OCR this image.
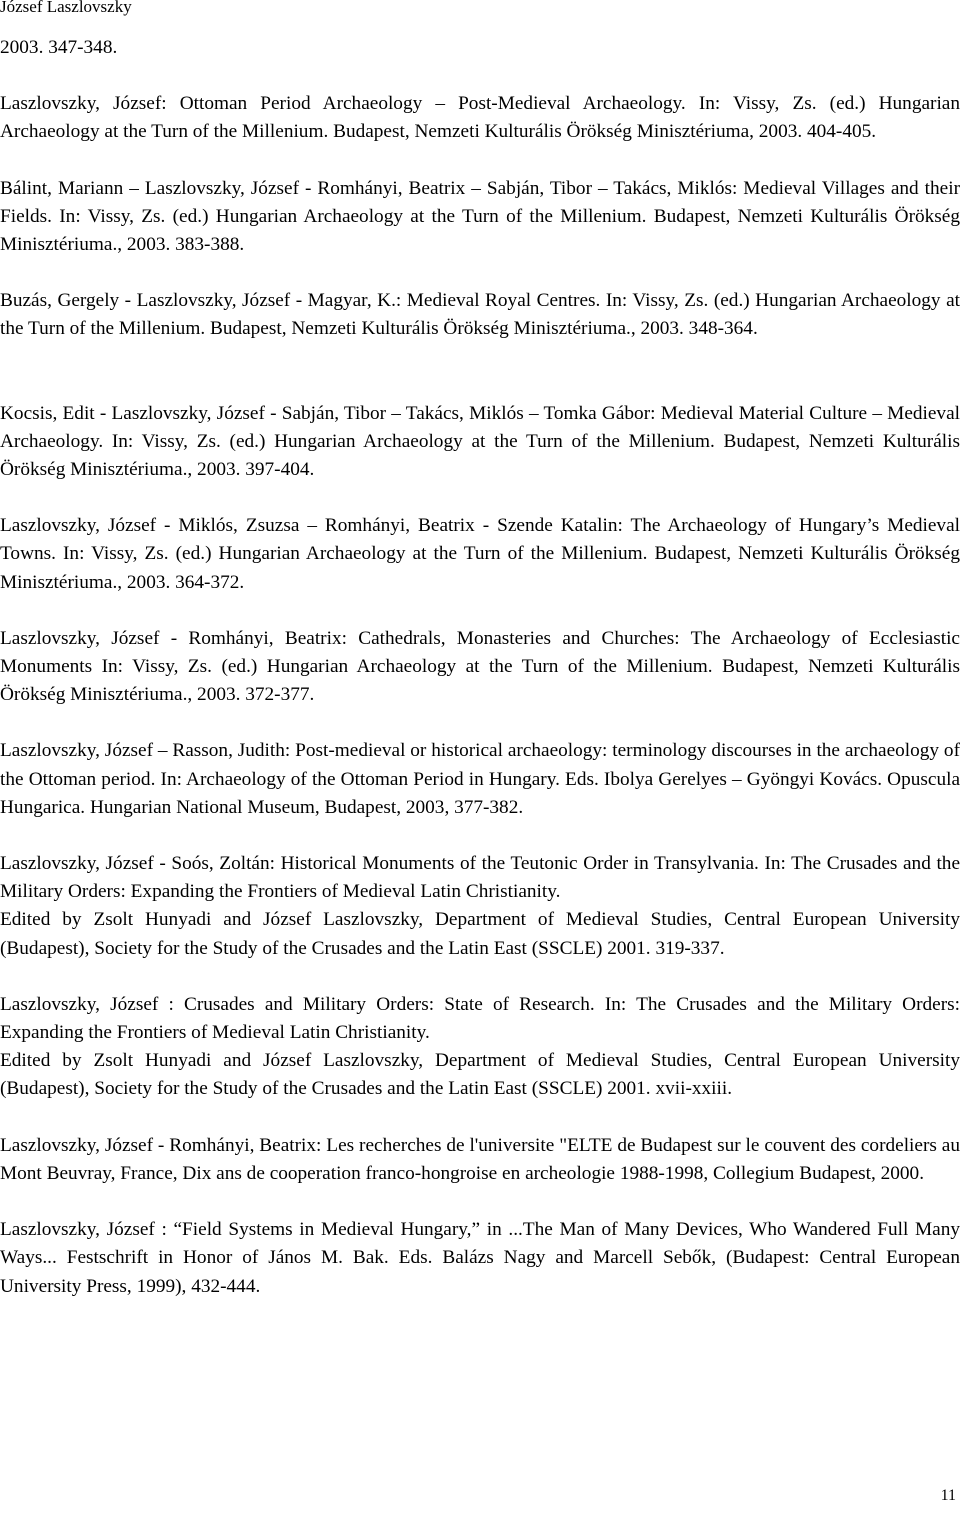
József Laszlovszky

2003. 347-348.

Laszlovszky, József: Ottoman Period Archaeology – Post-Medieval Archaeology. In: Vissy, Zs. (ed.) Hungarian Archaeology at the Turn of the Millenium. Budapest, Nemzeti Kulturális Örökség Minisztériuma, 2003. 404-405.

Bálint, Mariann – Laszlovszky, József - Romhányi, Beatrix – Sabján, Tibor – Takács, Miklós: Medieval Villages and their Fields. In: Vissy, Zs. (ed.) Hungarian Archaeology at the Turn of the Millenium. Budapest, Nemzeti Kulturális Örökség Minisztériuma., 2003. 383-388.

Buzás, Gergely - Laszlovszky, József - Magyar, K.: Medieval Royal Centres. In: Vissy, Zs. (ed.) Hungarian Archaeology at the Turn of the Millenium. Budapest, Nemzeti Kulturális Örökség Minisztériuma., 2003. 348-364.

Kocsis, Edit - Laszlovszky, József - Sabján, Tibor – Takács, Miklós – Tomka Gábor: Medieval Material Culture – Medieval Archaeology. In: Vissy, Zs. (ed.) Hungarian Archaeology at the Turn of the Millenium. Budapest, Nemzeti Kulturális Örökség Minisztériuma., 2003. 397-404.

Laszlovszky, József - Miklós, Zsuzsa – Romhányi, Beatrix - Szende Katalin: The Archaeology of Hungary’s Medieval Towns. In: Vissy, Zs. (ed.) Hungarian Archaeology at the Turn of the Millenium. Budapest, Nemzeti Kulturális Örökség Minisztériuma., 2003. 364-372.

Laszlovszky, József - Romhányi, Beatrix: Cathedrals, Monasteries and Churches: The Archaeology of Ecclesiastic Monuments In: Vissy, Zs. (ed.) Hungarian Archaeology at the Turn of the Millenium. Budapest, Nemzeti Kulturális Örökség Minisztériuma., 2003. 372-377.

Laszlovszky, József – Rasson, Judith: Post-medieval or historical archaeology: terminology discourses in the archaeology of the Ottoman period. In: Archaeology of the Ottoman Period in Hungary. Eds. Ibolya Gerelyes – Gyöngyi Kovács. Opuscula Hungarica. Hungarian National Museum, Budapest, 2003, 377-382.

Laszlovszky, József - Soós, Zoltán: Historical Monuments of the Teutonic Order in Transylvania. In: The Crusades and the Military Orders: Expanding the Frontiers of Medieval Latin Christianity.

Edited by Zsolt Hunyadi and József Laszlovszky, Department of Medieval Studies, Central European University (Budapest), Society for the Study of the Crusades and the Latin East (SSCLE) 2001. 319-337.

Laszlovszky, József : Crusades and Military Orders: State of Research. In: The Crusades and the Military Orders: Expanding the Frontiers of Medieval Latin Christianity.

Edited by Zsolt Hunyadi and József Laszlovszky, Department of Medieval Studies, Central European University (Budapest), Society for the Study of the Crusades and the Latin East (SSCLE) 2001. xvii-xxiii.

Laszlovszky, József - Romhányi, Beatrix: Les recherches de l'universite "ELTE de Budapest sur le couvent des cordeliers au Mont Beuvray, France, Dix ans de cooperation franco-hongroise en archeologie 1988-1998, Collegium Budapest, 2000.

Laszlovszky, József : “Field Systems in Medieval Hungary,” in ...The Man of Many Devices, Who Wandered Full Many Ways... Festschrift in Honor of János M. Bak. Eds. Balázs Nagy and Marcell Sebők, (Budapest: Central European University Press, 1999), 432-444.

11
